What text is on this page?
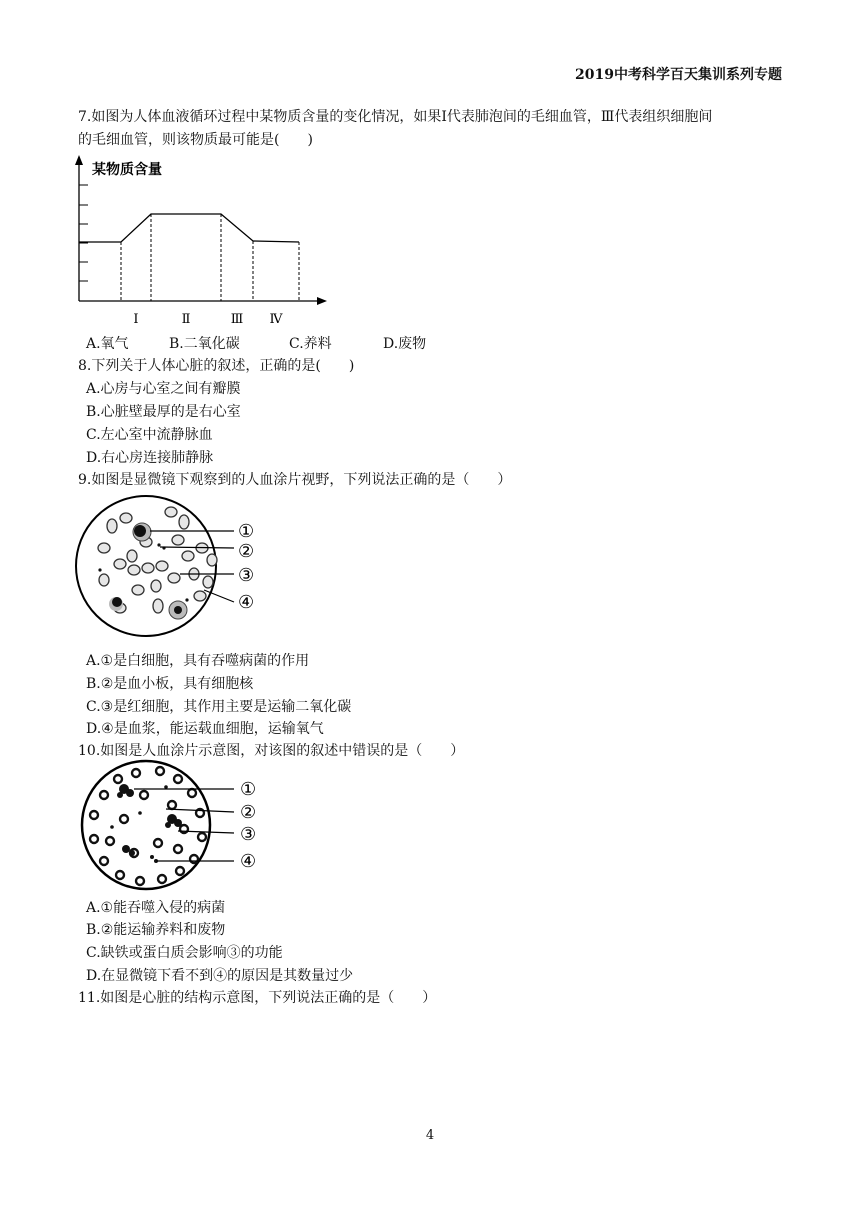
2019中考科学百天集训系列专题
7.如图为人体血液循环过程中某物质含量的变化情况，如果Ⅰ代表肺泡间的毛细血管，Ⅲ代表组织细胞间
的毛细血管，则该物质最可能是(　　)
某物质含量
Ⅰ	Ⅱ	Ⅲ Ⅳ
A.氧气	B.二氧化碳	C.养料	D.废物
8.下列关于人体心脏的叙述，正确的是(　　)
A.心房与心室之间有瓣膜
B.心脏壁最厚的是右心室
C.左心室中流静脉血
D.右心房连接肺静脉
9.如图是显微镜下观察到的人血涂片视野，下列说法正确的是（　　）
①
②
③
④
A.①是白细胞，具有吞噬病菌的作用
B.②是血小板，具有细胞核
C.③是红细胞，其作用主要是运输二氧化碳
D.④是血浆，能运载血细胞，运输氧气
10.如图是人血涂片示意图，对该图的叙述中错误的是（　　）
①
②
③
④
A.①能吞噬入侵的病菌
B.②能运输养料和废物
C.缺铁或蛋白质会影响③的功能
D.在显微镜下看不到④的原因是其数量过少
11.如图是心脏的结构示意图，下列说法正确的是（　　）
4
